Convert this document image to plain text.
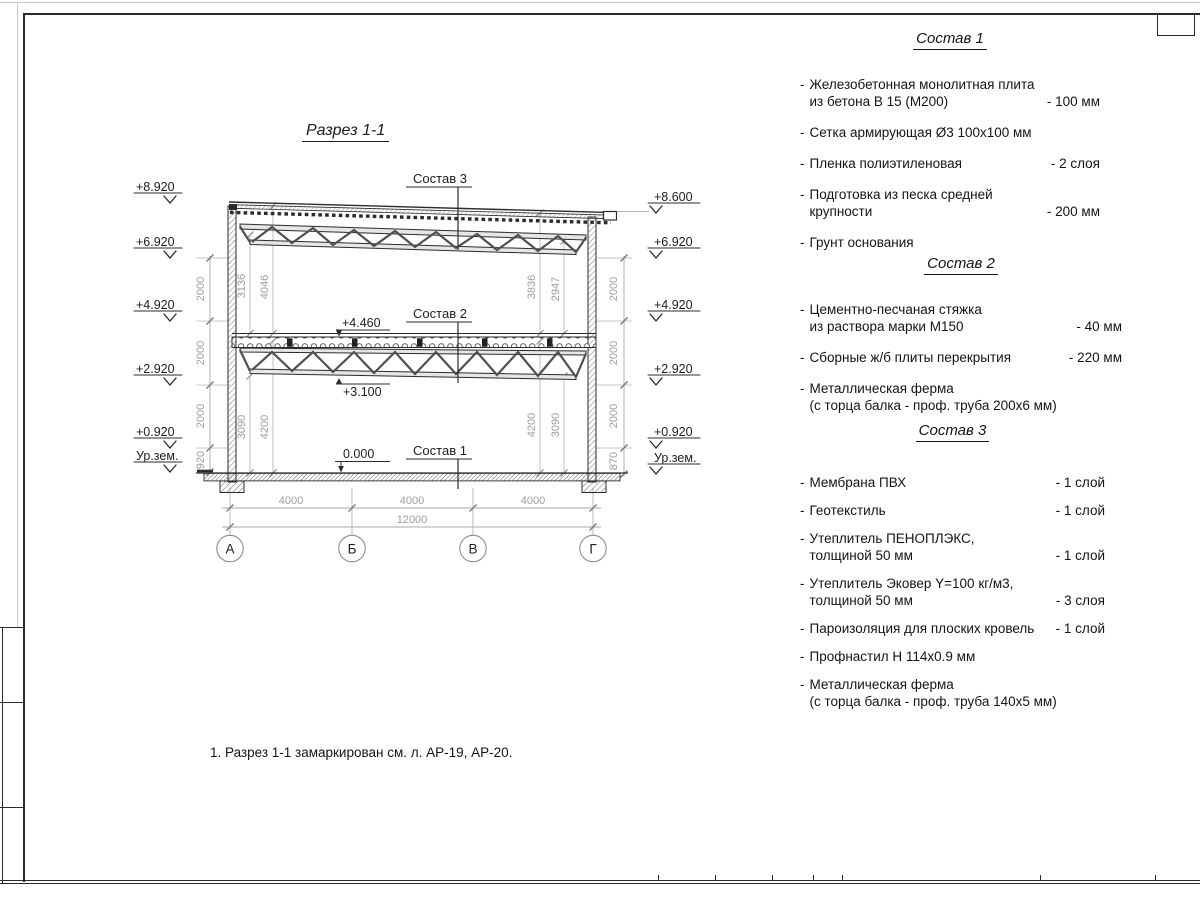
Разрез 1-1
4000	4000	4000
12000
А	Б	В	Г
2000
2000
2000
920
2000
2000
2000
870
3136 4046	3836 2947
3090 4200	4200 3090
+8.920
+6.920
+4.920
+2.920
+0.920
Ур.зем.
+8.600
+6.920
+4.920
+2.920
+0.920
Ур.зем.
Состав 3
Состав 2
Состав 1
+4.460
+3.100
0.000
Состав 1
- Железобетонная монолитная плита
из бетона В 15 (М200)	- 100 мм
- Сетка армирующая Ø3 100х100 мм
- Пленка полиэтиленовая	- 2 слоя
- Подготовка из песка средней
крупности	- 200 мм
- Грунт основания
Состав 2
- Цементно-песчаная стяжка
из раствора марки М150	- 40 мм
- Сборные ж/б плиты перекрытия	- 220 мм
- Металлическая ферма
(с торца балка - проф. труба 200х6 мм)
Состав 3
- Мембрана ПВХ	- 1 слой
- Геотекстиль	- 1 слой
- Утеплитель ПЕНОПЛЭКС,
толщиной 50 мм	- 1 слой
- Утеплитель Эковер Y=100 кг/м3,
толщиной 50 мм	- 3 слоя
- Пароизоляция для плоских кровель	- 1 слой
- Профнастил Н 114х0.9 мм
- Металлическая ферма
(с торца балка - проф. труба 140х5 мм)
1. Разрез 1-1 замаркирован см. л. АР-19, АР-20.
